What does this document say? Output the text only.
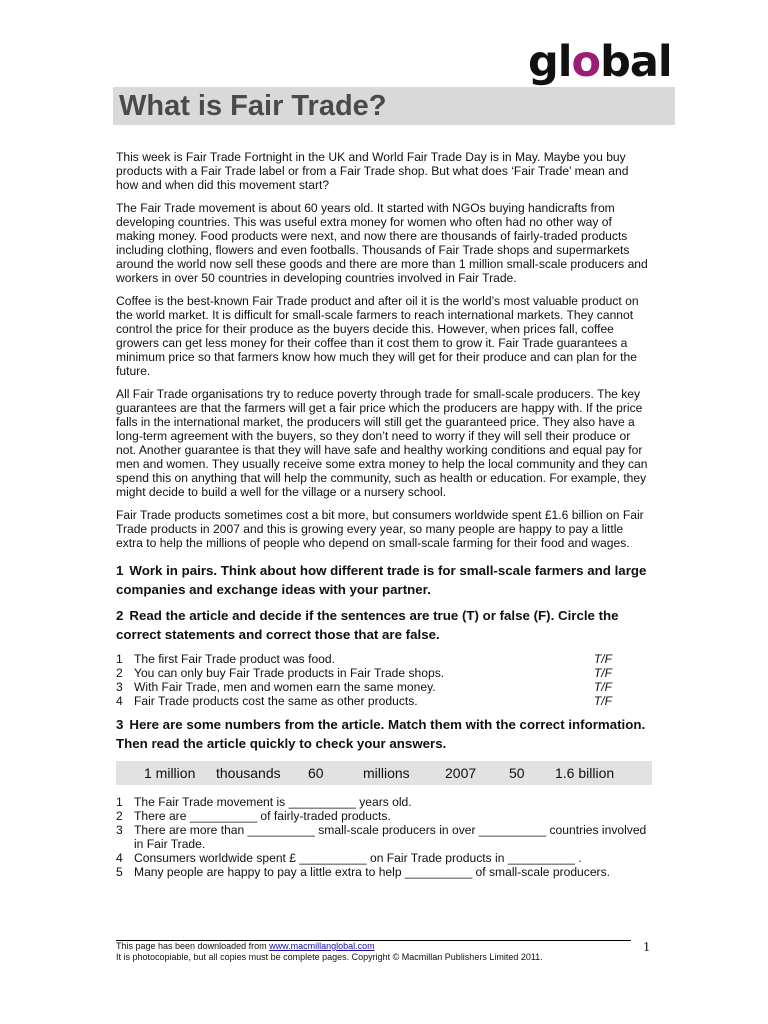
global
What is Fair Trade?

This week is Fair Trade Fortnight in the UK and World Fair Trade Day is in May. Maybe you buy products with a Fair Trade label or from a Fair Trade shop. But what does ‘Fair Trade’ mean and how and when did this movement start?

The Fair Trade movement is about 60 years old. It started with NGOs buying handicrafts from developing countries. This was useful extra money for women who often had no other way of making money. Food products were next, and now there are thousands of fairly-traded products including clothing, flowers and even footballs. Thousands of Fair Trade shops and supermarkets around the world now sell these goods and there are more than 1 million small-scale producers and workers in over 50 countries in developing countries involved in Fair Trade.

Coffee is the best-known Fair Trade product and after oil it is the world’s most valuable product on the world market. It is difficult for small-scale farmers to reach international markets. They cannot control the price for their produce as the buyers decide this. However, when prices fall, coffee growers can get less money for their coffee than it cost them to grow it. Fair Trade guarantees a minimum price so that farmers know how much they will get for their produce and can plan for the future.

All Fair Trade organisations try to reduce poverty through trade for small-scale producers. The key guarantees are that the farmers will get a fair price which the producers are happy with. If the price falls in the international market, the producers will still get the guaranteed price. They also have a long-term agreement with the buyers, so they don’t need to worry if they will sell their produce or not. Another guarantee is that they will have safe and healthy working conditions and equal pay for men and women. They usually receive some extra money to help the local community and they can spend this on anything that will help the community, such as health or education. For example, they might decide to build a well for the village or a nursery school.

Fair Trade products sometimes cost a bit more, but consumers worldwide spent £1.6 billion on Fair Trade products in 2007 and this is growing every year, so many people are happy to pay a little extra to help the millions of people who depend on small-scale farming for their food and wages.

1 Work in pairs. Think about how different trade is for small-scale farmers and large companies and exchange ideas with your partner.
2 Read the article and decide if the sentences are true (T) or false (F). Circle the correct statements and correct those that are false.
1 The first Fair Trade product was food.	T/F
2 You can only buy Fair Trade products in Fair Trade shops.	T/F
3 With Fair Trade, men and women earn the same money.	T/F
4 Fair Trade products cost the same as other products.	T/F
3 Here are some numbers from the article. Match them with the correct information. Then read the article quickly to check your answers.
1 million thousands 60	millions	2007 50 1.6 billion
1 The Fair Trade movement is __________ years old.
2 There are __________ of fairly-traded products.
3 There are more than __________ small-scale producers in over __________ countries involved in Fair Trade.
4 Consumers worldwide spent £ __________ on Fair Trade products in __________ .
5 Many people are happy to pay a little extra to help __________ of small-scale producers.
This page has been downloaded from www.macmillanglobal.com
It is photocopiable, but all copies must be complete pages. Copyright © Macmillan Publishers Limited 2011.
1
